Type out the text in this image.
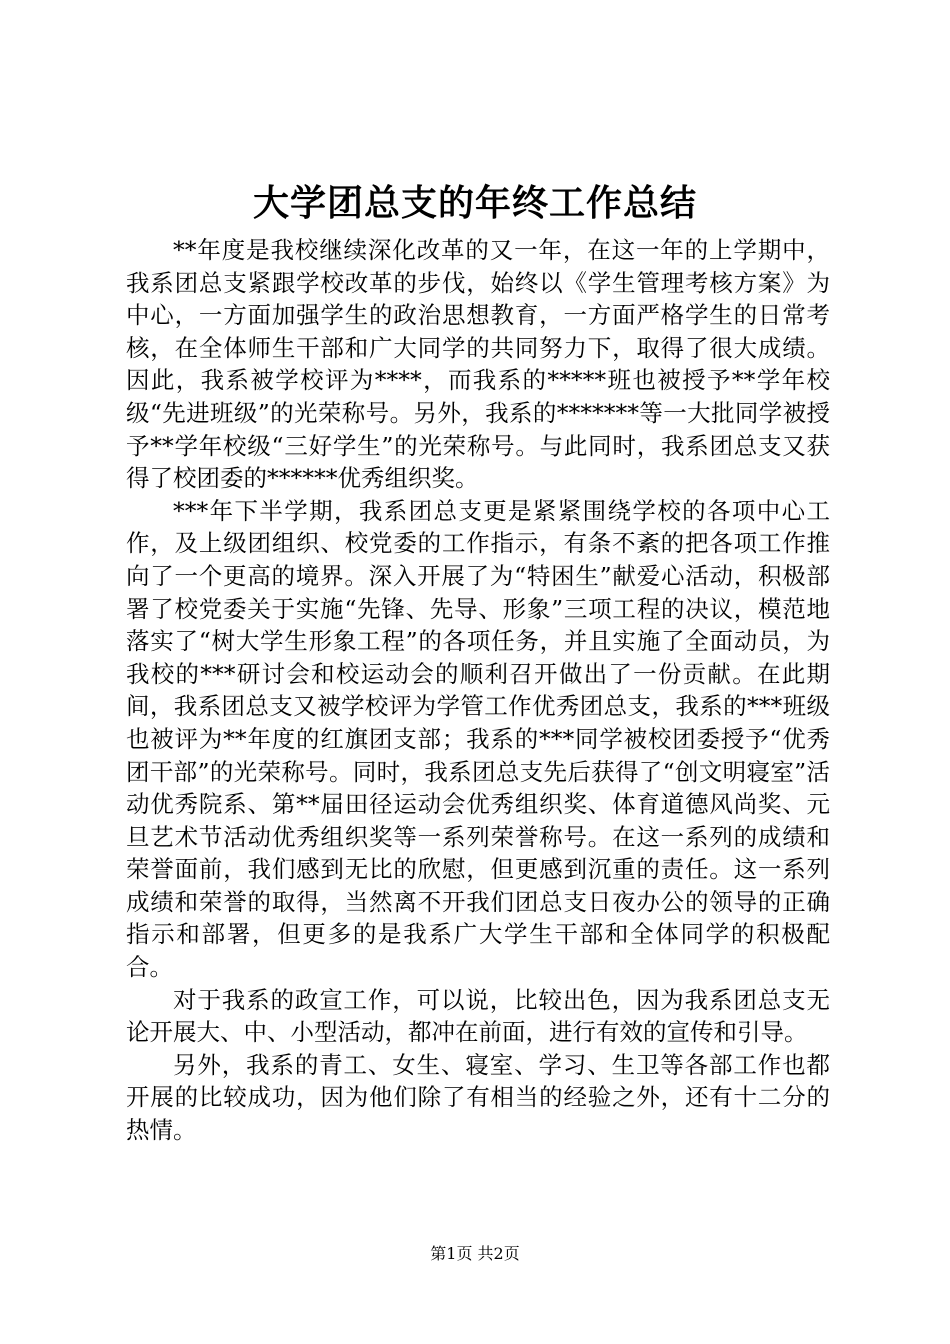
大学团总支的年终工作总结

**年度是我校继续深化改革的又一年，在这一年的上学期中，我系团总支紧跟学校改革的步伐，始终以《学生管理考核方案》为中心，一方面加强学生的政治思想教育，一方面严格学生的日常考核，在全体师生干部和广大同学的共同努力下，取得了很大成绩。因此，我系被学校评为****，而我系的*****班也被授予**学年校级“先进班级”的光荣称号。另外，我系的*******等一大批同学被授予**学年校级“三好学生”的光荣称号。与此同时，我系团总支又获得了校团委的******优秀组织奖。

***年下半学期，我系团总支更是紧紧围绕学校的各项中心工作，及上级团组织、校党委的工作指示，有条不紊的把各项工作推向了一个更高的境界。深入开展了为“特困生”献爱心活动，积极部署了校党委关于实施“先锋、先导、形象”三项工程的决议，模范地落实了“树大学生形象工程”的各项任务，并且实施了全面动员，为我校的***研讨会和校运动会的顺利召开做出了一份贡献。在此期间，我系团总支又被学校评为学管工作优秀团总支，我系的***班级也被评为**年度的红旗团支部；我系的***同学被校团委授予“优秀团干部”的光荣称号。同时，我系团总支先后获得了“创文明寝室”活动优秀院系、第**届田径运动会优秀组织奖、体育道德风尚奖、元旦艺术节活动优秀组织奖等一系列荣誉称号。在这一系列的成绩和荣誉面前，我们感到无比的欣慰，但更感到沉重的责任。这一系列成绩和荣誉的取得，当然离不开我们团总支日夜办公的领导的正确指示和部署，但更多的是我系广大学生干部和全体同学的积极配合。

对于我系的政宣工作，可以说，比较出色，因为我系团总支无论开展大、中、小型活动，都冲在前面，进行有效的宣传和引导。

另外，我系的青工、女生、寝室、学习、生卫等各部工作也都开展的比较成功，因为他们除了有相当的经验之外，还有十二分的热情。

第1页 共2页
